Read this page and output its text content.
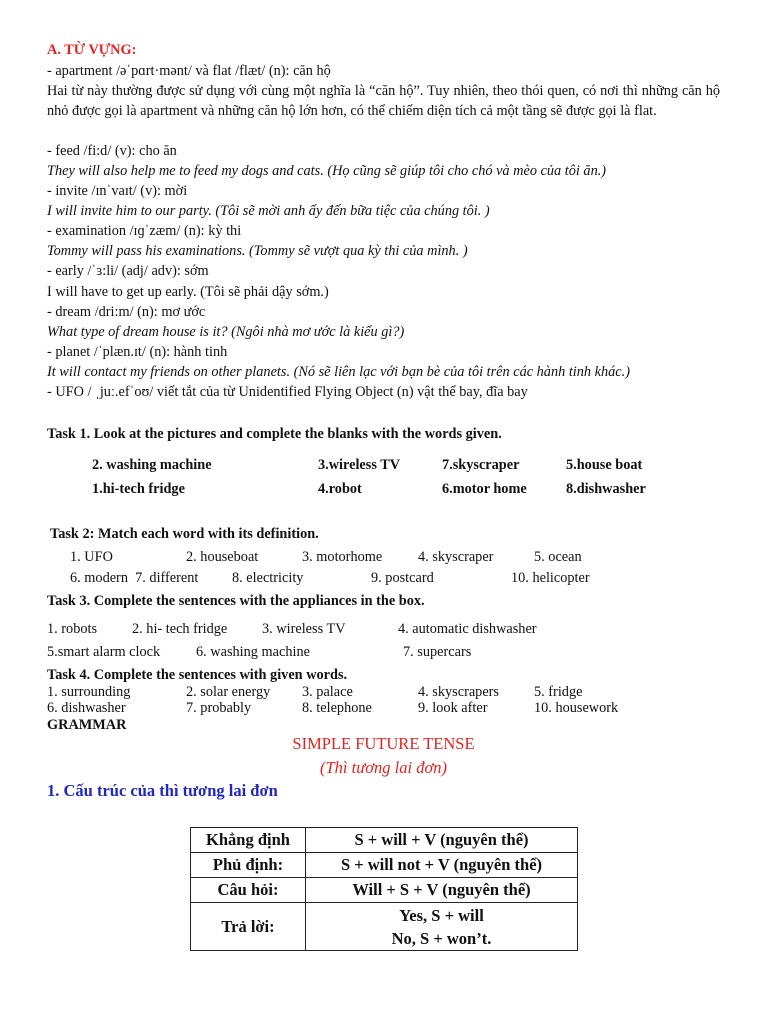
A. TỪ VỰNG:
- apartment /əˈpɑrt·mənt/ và flat /flæt/ (n): căn hộ
Hai từ này thường được sử dụng với cùng một nghĩa là “căn hộ”. Tuy nhiên, theo thói quen, có nơi thì những căn hộ nhỏ được gọi là apartment và những căn hộ lớn hơn, có thể chiếm diện tích cả một tầng sẽ được gọi là flat.
- feed /fi:d/ (v): cho ăn
They will also help me to feed my dogs and cats. (Họ cũng sẽ giúp tôi cho chó và mèo của tôi ăn.)
- invite /ɪnˈvaɪt/ (v): mời
I will invite him to our party. (Tôi sẽ mời anh ấy đến bữa tiệc của chúng tôi. )
- examination /ɪɡˈzæm/ (n): kỳ thi
Tommy will pass his examinations. (Tommy sẽ vượt qua kỳ thi của mình. )
- early /ˈɜ:li/ (adj/ adv): sớm
I will have to get up early. (Tôi sẽ phải dậy sớm.)
- dream /dri:m/ (n): mơ ước
What type of dream house is it? (Ngôi nhà mơ ước là kiểu gì?)
- planet /ˈplæn.ɪt/ (n): hành tinh
It will contact my friends on other planets. (Nó sẽ liên lạc với bạn bè của tôi trên các hành tinh khác.)
- UFO / ˌjuː.efˈoʊ/ viết tắt của từ Unidentified Flying Object (n) vật thể bay, đĩa bay
Task 1. Look at the pictures and complete the blanks with the words given.
2. washing machine	3.wireless TV	7.skyscraper	5.house boat
1.hi-tech fridge	4.robot	6.motor home	8.dishwasher
Task 2: Match each word with its definition.
1. UFO	2. houseboat	3. motorhome	4. skyscraper	5. ocean
6. modern  7. different 8. electricity	9. postcard	10. helicopter
Task 3. Complete the sentences with the appliances in the box.
1. robots 2. hi- tech fridge 3. wireless TV	4. automatic dishwasher
5.smart alarm clock	6. washing machine	7. supercars
Task 4. Complete the sentences with given words.
1. surrounding	2. solar energy 3. palace	4. skyscrapers 5. fridge
6. dishwasher	7. probably	8. telephone	9. look after	10. housework
GRAMMAR
SIMPLE FUTURE TENSE
(Thì tương lai đơn)
1. Cấu trúc của thì tương lai đơn
Khẳng định	S + will + V (nguyên thể)
Phủ định:	S + will not + V (nguyên thể)
Câu hỏi:	Will + S + V (nguyên thể)
Trả lời:	Yes, S + will
No, S + won’t.
